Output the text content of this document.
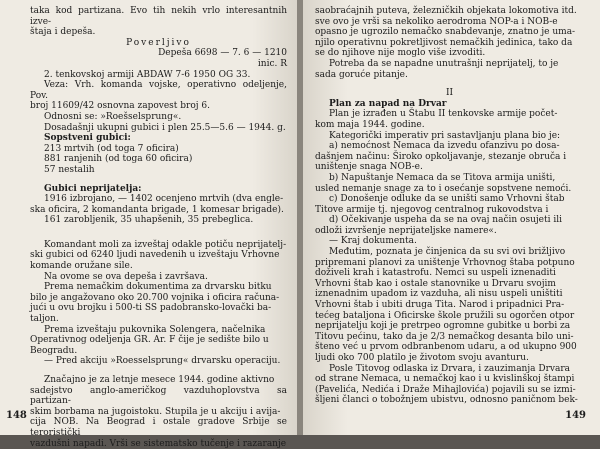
taka kod partizana. Evo tih nekih vrlo interesantnih izve-

štaja i depeša.

Poverljivo

Depeša 6698 — 7. 6 — 1210

inic. R

2. tenkovskoj armiji ABDAW 7-6 1950 OG 33.

Veza: Vrh. komanda vojske, operativno odeljenje, Pov.

broj 11609/42 osnovna zapovest broj 6.

Odnosni se: »Roešselsprung«.

Dosadašnji ukupni gubici i plen 25.5—5.6 — 1944. g.

Sopstveni gubici:

213 mrtvih (od toga 7 oficira)

881 ranjenih (od toga 60 oficira)

57 nestalih

Gubici neprijatelja:

1916 izbrojano, — 1402 ocenjeno mrtvih (dva engle-

ska oficira, 2 komandanta brigade, 1 komesar brigade).

161 zarobljenik, 35 uhapšenih, 35 prebeglica.

Komandant moli za izveštaj odakle potiču neprijatelj-

ski gubici od 6240 ljudi navedenih u izveštaju Vrhovne

komande oružane sile.

Na ovome se ova depeša i završava.

Prema nemačkim dokumentima za drvarsku bitku

bilo je angažovano oko 20.700 vojnika i oficira računa-

jući u ovu brojku i 500-ti SS padobransko-lovački ba-

taljon.

Prema izveštaju pukovnika Solengera, načelnika

Operativnog odeljenja GR. Ar. F čije je sedište bilo u

Beogradu.

— Pred akciju »Roesselsprung« drvarsku operaciju.

Značajno je za letnje mesece 1944. godine aktivno

sadejstvo anglo-američkog vazduhoplovstva sa partizan-

skim borbama na jugoistoku. Stupila je u akciju i avija-

cija NOB. Na Beograd i ostale gradove Srbije se teroristički

vazdušni napadi. Vrši se sistematsko tučenje i razaranje

148

saobraćajnih puteva, železničkih objekata lokomotiva itd.

sve ovo je vrši sa nekoliko aerodroma NOP-a i NOB-e

opasno je ugrozilo nemačko snabdevanje, znatno je uma-

njilo operativnu pokretljivost nemačkih jedinica, tako da

se do njihove nije moglo više izvoditi.

Potreba da se napadne unutrašnji neprijatelj, to je

sada gorućе pitanje.

II

Plan za napad na Drvar

Plan je izrađen u Štabu II tenkovske armije počet-

kom maja 1944. godine.

Kategorički imperativ pri sastavljanju plana bio je:

a) nemoćnost Nemaca da izvedu ofanzivu po dosa-

dašnjem načinu: Široko opkoljavanje, stezanje obruča i

uništenje snaga NOB-e.

b) Napuštanje Nemaca da se Titova armija uništi,

usled nemanje snage za to i osećanje sopstvene nemoći.

c) Donošenje odluke da se uništi samo Vrhovni štab

Titove armije tj. njegovog centralnog rukovodstva i

d) Očekivanje uspeha da se na ovaj način osujeti ili

odloži izvršenje neprijateljske namere«.

— Kraj dokumenta.

Međutim, poznata je činjenica da su svi ovi brižljivo

pripremani planovi za uništenje Vrhovnog štaba potpuno

doživeli krah i katastrofu. Nemci su uspeli iznenaditi

Vrhovni štab kao i ostale stanovnike u Drvaru svojim

iznenadnim upadom iz vazduha, ali nisu uspeli uništiti

Vrhovni štab i ubiti druga Tita. Narod i pripadnici Pra-

tećeg bataljona i Oficirske škole pružili su ogorčen otpor

neprijatelju koji je pretrpeo ogromne gubitke u borbi za

Titovu pećinu, tako da je 2/3 nemačkog desanta bilo uni-

šteno već u prvom odbranbenom udaru, a od ukupno 900

ljudi oko 700 platilo je životom svoju avanturu.

Posle Titovog odlaska iz Drvara, i zauzimanja Drvara

od strane Nemaca, u nemačkoj kao i u kvislinškoj štampi

(Pavelića, Nedića i Draže Mihajlovića) pojavili su se izmi-

šljeni članci o tobožnjem ubistvu, odnosno paničnom bek-

149
